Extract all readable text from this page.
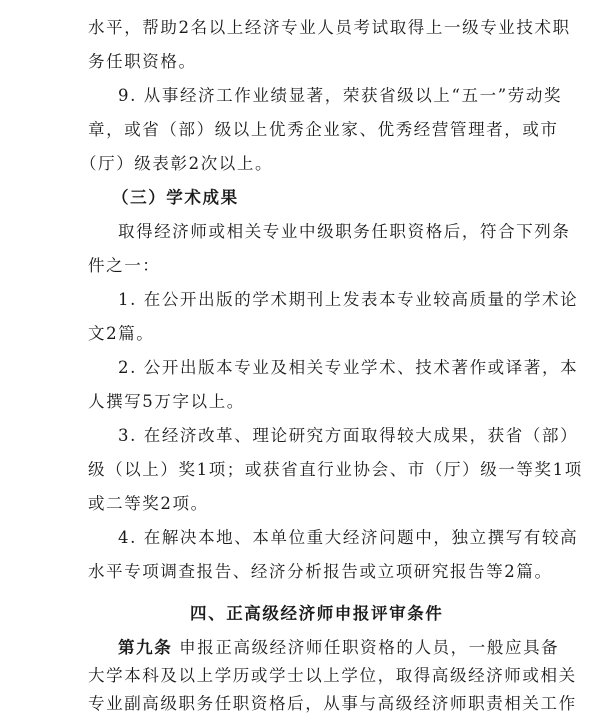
水平，帮助2名以上经济专业人员考试取得上一级专业技术职
务任职资格。
9. 从事经济工作业绩显著，荣获省级以上“五一”劳动奖
章，或省（部）级以上优秀企业家、优秀经营管理者，或市
（厅）级表彰2次以上。
（三）学术成果
取得经济师或相关专业中级职务任职资格后，符合下列条
件之一：
1. 在公开出版的学术期刊上发表本专业较高质量的学术论
文2篇。
2. 公开出版本专业及相关专业学术、技术著作或译著，本
人撰写5万字以上。
3. 在经济改革、理论研究方面取得较大成果，获省（部）
级（以上）奖1项；或获省直行业协会、市（厅）级一等奖1项
或二等奖2项。
4. 在解决本地、本单位重大经济问题中，独立撰写有较高
水平专项调查报告、经济分析报告或立项研究报告等2篇。
四、正高级经济师申报评审条件
第九条 申报正高级经济师任职资格的人员，一般应具备
大学本科及以上学历或学士以上学位，取得高级经济师或相关
专业副高级职务任职资格后，从事与高级经济师职责相关工作
